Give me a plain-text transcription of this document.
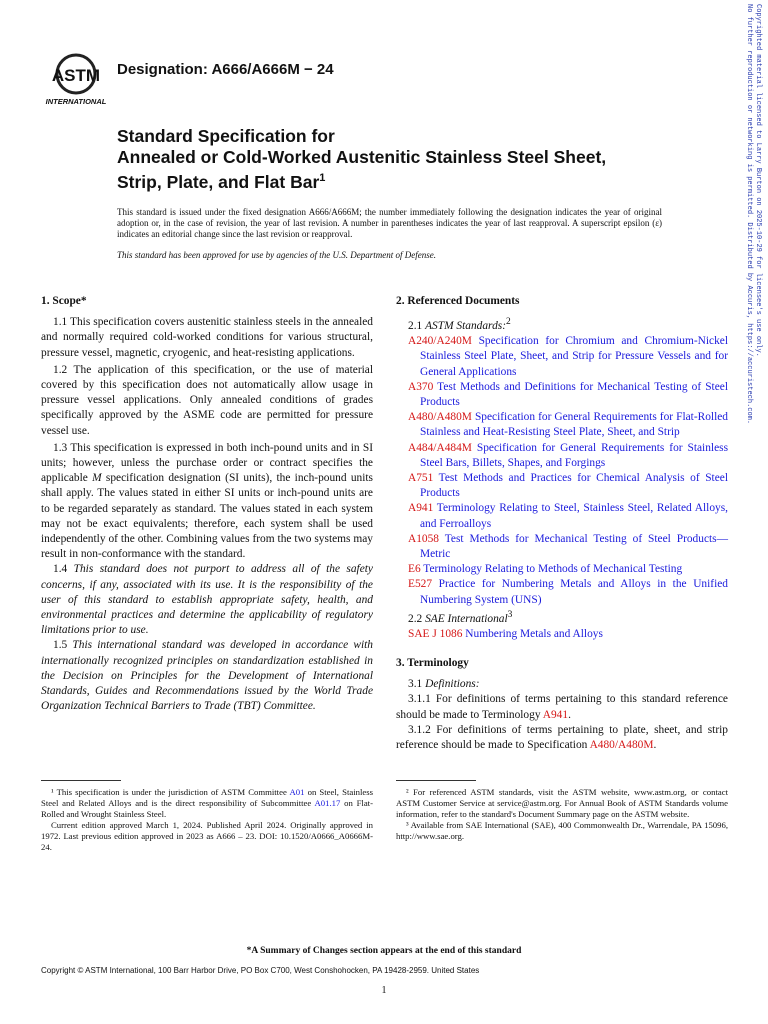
ASTM
INTERNATIONAL
Designation: A666/A666M − 24
Standard Specification for
Annealed or Cold-Worked Austenitic Stainless Steel Sheet,
Strip, Plate, and Flat Bar$^1$
This standard is issued under the fixed designation A666/A666M; the number immediately following the designation indicates the year of original adoption or, in the case of revision, the year of last revision. A number in parentheses indicates the year of last reapproval. A superscript epsilon (ε) indicates an editorial change since the last revision or reapproval.
This standard has been approved for use by agencies of the U.S. Department of Defense.	Copyrighted material licensed to Larry Burton on 2025-10-29 for licensee's use only.
No further reproduction or networking is permitted. Distributed by Accuris, https://accuristech.com.
1. Scope*

1.1 This specification covers austenitic stainless steels in the annealed and normally required cold-worked conditions for various structural, pressure vessel, magnetic, cryogenic, and heat-resisting applications.

1.2 The application of this specification, or the use of material covered by this specification does not automatically allow usage in pressure vessel applications. Only annealed conditions of grades specifically approved by the ASME code are permitted for pressure vessel use.

1.3 This specification is expressed in both inch-pound units and in SI units; however, unless the purchase order or contract specifies the applicable M specification designation (SI units), the inch-pound units shall apply. The values stated in either SI units or inch-pound units are to be regarded separately as standard. The values stated in each system may not be exact equivalents; therefore, each system shall be used independently of the other. Combining values from the two systems may result in non-conformance with the standard.

1.4 This standard does not purport to address all of the safety concerns, if any, associated with its use. It is the responsibility of the user of this standard to establish appropriate safety, health, and environmental practices and determine the applicability of regulatory limitations prior to use.

1.5 This international standard was developed in accordance with internationally recognized principles on standardization established in the Decision on Principles for the Development of International Standards, Guides and Recommendations issued by the World Trade Organization Technical Barriers to Trade (TBT) Committee.

2. Referenced Documents

2.1 ASTM Standards:$^2$

A240/A240M Specification for Chromium and Chromium-Nickel Stainless Steel Plate, Sheet, and Strip for Pressure Vessels and for General Applications

A370 Test Methods and Definitions for Mechanical Testing of Steel Products

A480/A480M Specification for General Requirements for Flat-Rolled Stainless and Heat-Resisting Steel Plate, Sheet, and Strip

A484/A484M Specification for General Requirements for Stainless Steel Bars, Billets, Shapes, and Forgings

A751 Test Methods and Practices for Chemical Analysis of Steel Products

A941 Terminology Relating to Steel, Stainless Steel, Related Alloys, and Ferroalloys

A1058 Test Methods for Mechanical Testing of Steel Products—Metric

E6 Terminology Relating to Methods of Mechanical Testing

E527 Practice for Numbering Metals and Alloys in the Unified Numbering System (UNS)

2.2 SAE International$^3$

SAE J 1086 Numbering Metals and Alloys

3. Terminology

3.1 Definitions:

3.1.1 For definitions of terms pertaining to this standard reference should be made to Terminology A941.

3.1.2 For definitions of terms pertaining to plate, sheet, and strip reference should be made to Specification A480/A480M.

¹ This specification is under the jurisdiction of ASTM Committee A01 on Steel, Stainless Steel and Related Alloys and is the direct responsibility of Subcommittee A01.17 on Flat-Rolled and Wrought Stainless Steel.

Current edition approved March 1, 2024. Published April 2024. Originally approved in 1972. Last previous edition approved in 2023 as A666 – 23. DOI: 10.1520/A0666_A0666M-24.

² For referenced ASTM standards, visit the ASTM website, www.astm.org, or contact ASTM Customer Service at service@astm.org. For Annual Book of ASTM Standards volume information, refer to the standard's Document Summary page on the ASTM website.

³ Available from SAE International (SAE), 400 Commonwealth Dr., Warrendale, PA 15096, http://www.sae.org.

*A Summary of Changes section appears at the end of this standard
Copyright © ASTM International, 100 Barr Harbor Drive, PO Box C700, West Conshohocken, PA 19428-2959. United States
1
